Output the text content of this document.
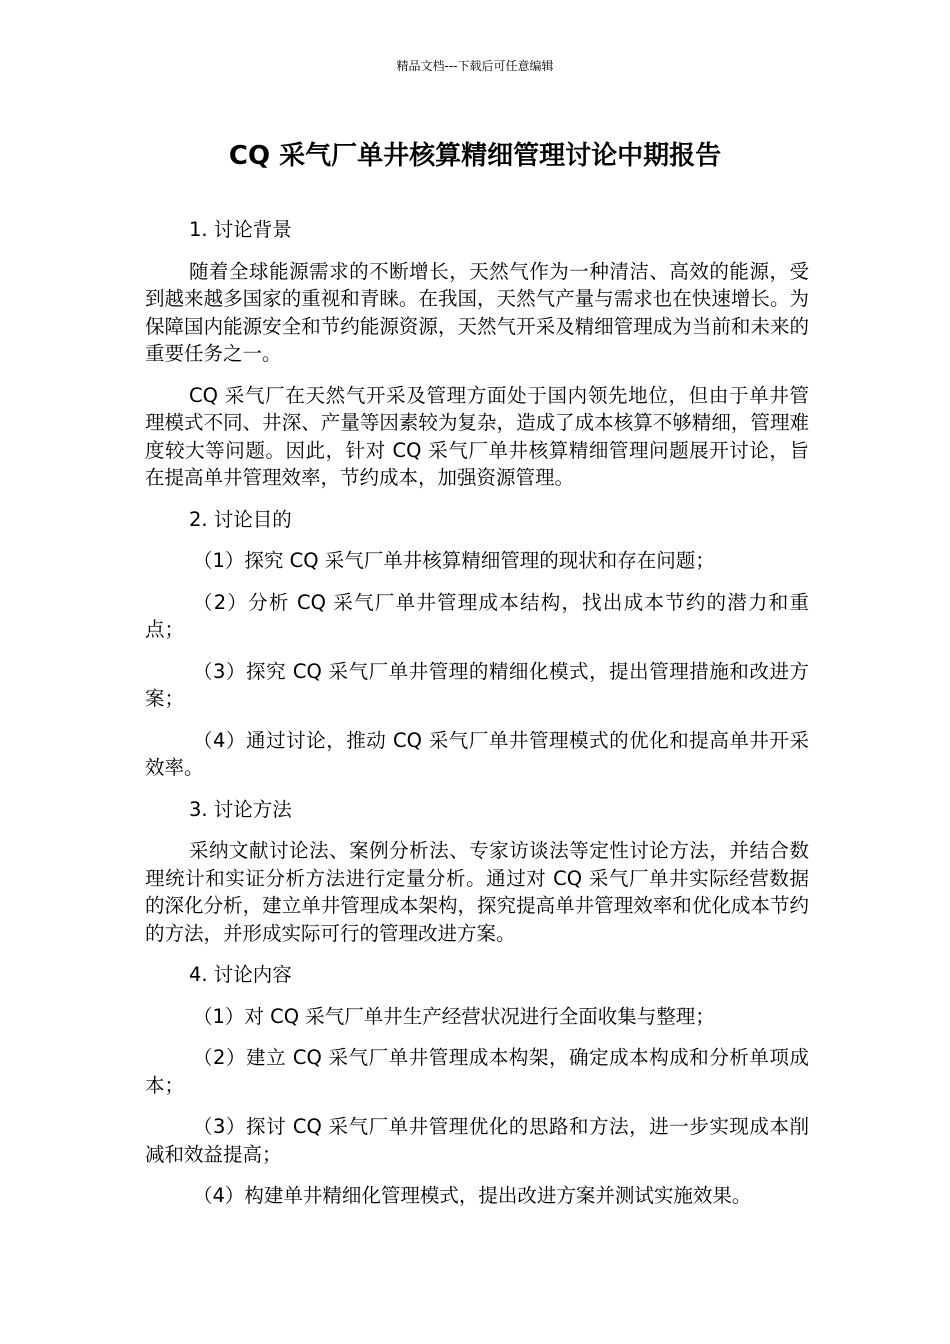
精品文档---下载后可任意编辑
CQ 采气厂单井核算精细管理讨论中期报告

1. 讨论背景

随着全球能源需求的不断增长，天然气作为一种清洁、高效的能源，受到越来越多国家的重视和青睐。在我国，天然气产量与需求也在快速增长。为保障国内能源安全和节约能源资源，天然气开采及精细管理成为当前和未来的重要任务之一。

CQ 采气厂在天然气开采及管理方面处于国内领先地位，但由于单井管理模式不同、井深、产量等因素较为复杂，造成了成本核算不够精细，管理难度较大等问题。因此，针对 CQ 采气厂单井核算精细管理问题展开讨论，旨在提高单井管理效率，节约成本，加强资源管理。

2. 讨论目的

（1）探究 CQ 采气厂单井核算精细管理的现状和存在问题；

（2）分析 CQ 采气厂单井管理成本结构，找出成本节约的潜力和重点；

（3）探究 CQ 采气厂单井管理的精细化模式，提出管理措施和改进方案；

（4）通过讨论，推动 CQ 采气厂单井管理模式的优化和提高单井开采效率。

3. 讨论方法

采纳文献讨论法、案例分析法、专家访谈法等定性讨论方法，并结合数理统计和实证分析方法进行定量分析。通过对 CQ 采气厂单井实际经营数据的深化分析，建立单井管理成本架构，探究提高单井管理效率和优化成本节约的方法，并形成实际可行的管理改进方案。

4. 讨论内容

（1）对 CQ 采气厂单井生产经营状况进行全面收集与整理；

（2）建立 CQ 采气厂单井管理成本构架，确定成本构成和分析单项成本；

（3）探讨 CQ 采气厂单井管理优化的思路和方法，进一步实现成本削减和效益提高；

（4）构建单井精细化管理模式，提出改进方案并测试实施效果。
